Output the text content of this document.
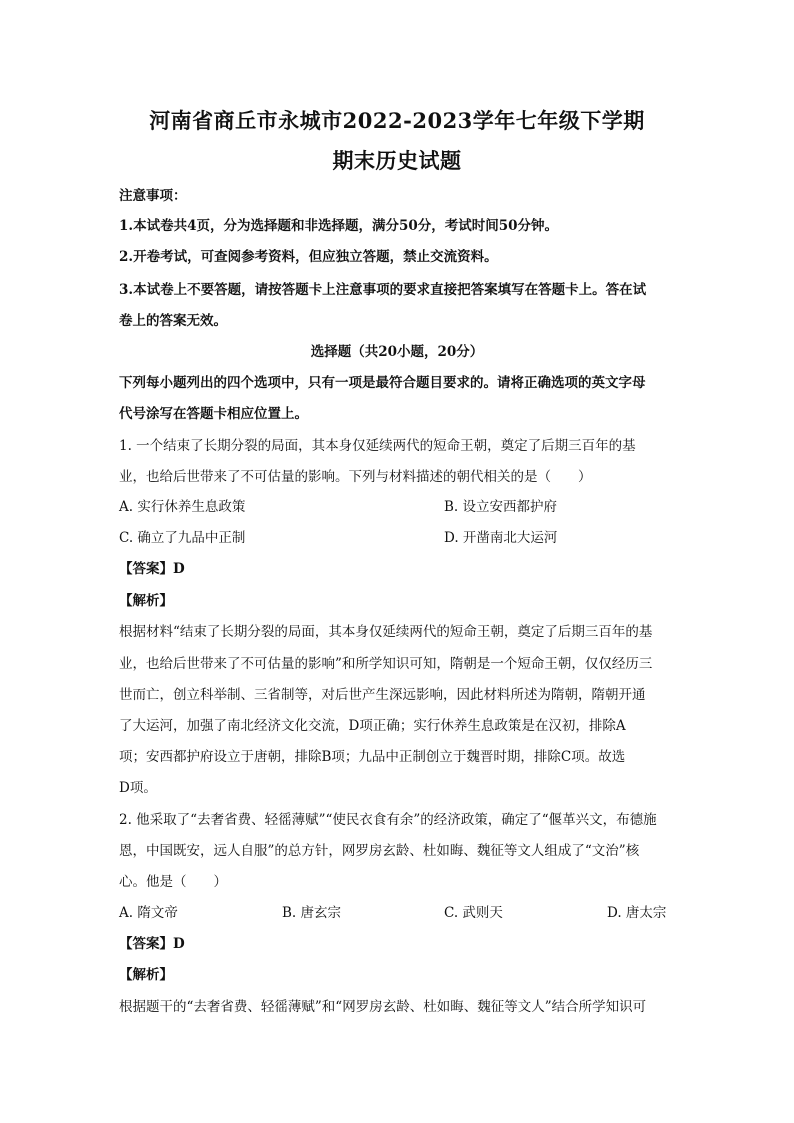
河南省商丘市永城市2022-2023学年七年级下学期
期末历史试题
注意事项：
1.本试卷共4页，分为选择题和非选择题，满分50分，考试时间50分钟。
2.开卷考试，可查阅参考资料，但应独立答题，禁止交流资料。
3.本试卷上不要答题，请按答题卡上注意事项的要求直接把答案填写在答题卡上。答在试
卷上的答案无效。
选择题（共20小题，20分）
下列每小题列出的四个选项中，只有一项是最符合题目要求的。请将正确选项的英文字母
代号涂写在答题卡相应位置上。
1. 一个结束了长期分裂的局面，其本身仅延续两代的短命王朝，奠定了后期三百年的基
业，也给后世带来了不可估量的影响。下列与材料描述的朝代相关的是（　　）
A. 实行休养生息政策	B. 设立安西都护府
C. 确立了九品中正制	D. 开凿南北大运河
【答案】D
【解析】
根据材料“结束了长期分裂的局面，其本身仅延续两代的短命王朝，奠定了后期三百年的基
业，也给后世带来了不可估量的影响”和所学知识可知，隋朝是一个短命王朝，仅仅经历三
世而亡，创立科举制、三省制等，对后世产生深远影响，因此材料所述为隋朝，隋朝开通
了大运河，加强了南北经济文化交流，D项正确；实行休养生息政策是在汉初，排除A
项；安西都护府设立于唐朝，排除B项；九品中正制创立于魏晋时期，排除C项。故选
D项。
2. 他采取了“去奢省费、轻徭薄赋”“使民衣食有余”的经济政策，确定了“偃革兴文，布德施
恩，中国既安，远人自服”的总方针，网罗房玄龄、杜如晦、魏征等文人组成了“文治”核
心。他是（　　）
A. 隋文帝	B. 唐玄宗	C. 武则天	D. 唐太宗
【答案】D
【解析】
根据题干的“去奢省费、轻徭薄赋”和“网罗房玄龄、杜如晦、魏征等文人”结合所学知识可
